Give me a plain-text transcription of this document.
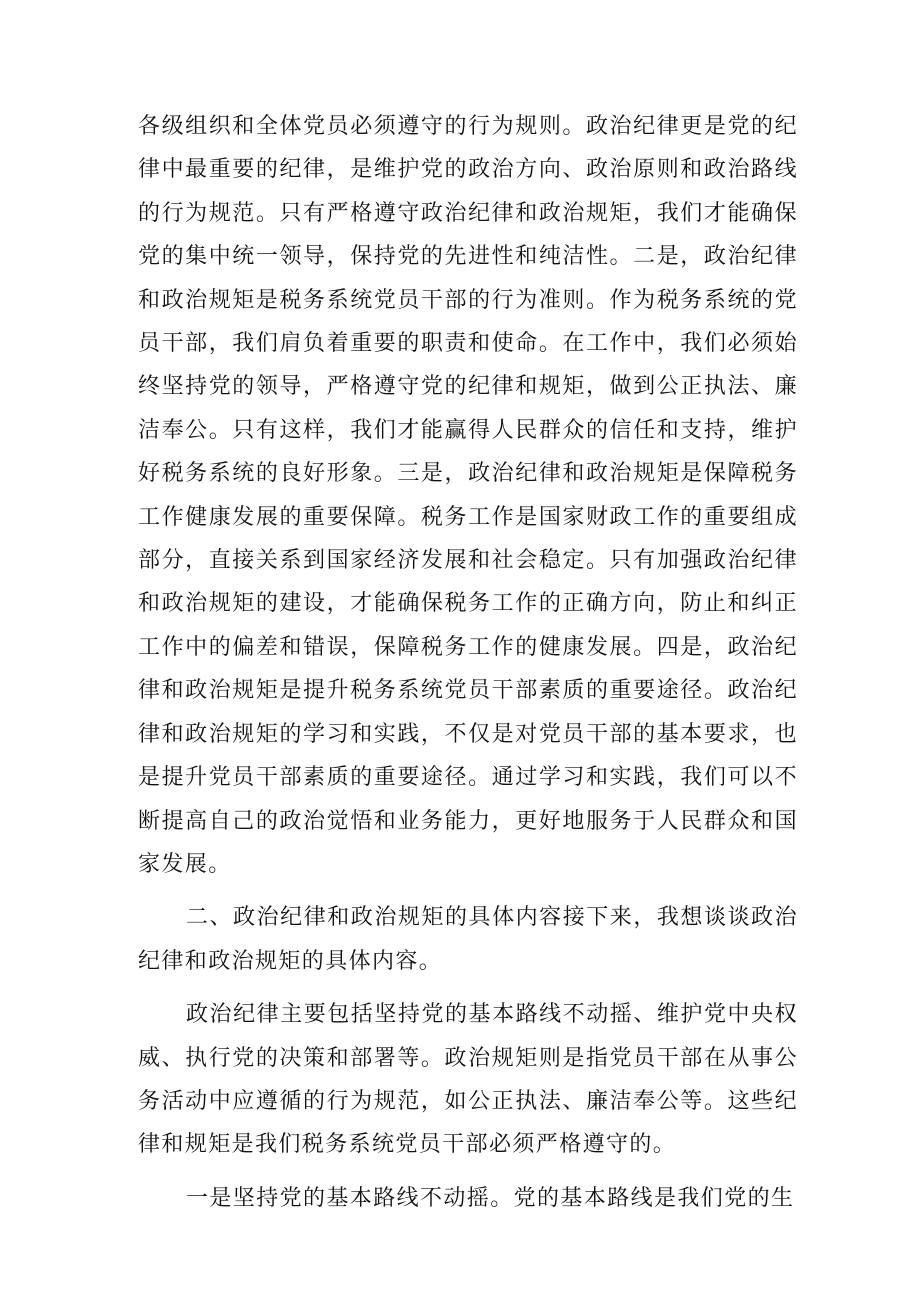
各级组织和全体党员必须遵守的行为规则。政治纪律更是党的纪律中最重要的纪律，是维护党的政治方向、政治原则和政治路线的行为规范。只有严格遵守政治纪律和政治规矩，我们才能确保党的集中统一领导，保持党的先进性和纯洁性。二是，政治纪律和政治规矩是税务系统党员干部的行为准则。作为税务系统的党员干部，我们肩负着重要的职责和使命。在工作中，我们必须始终坚持党的领导，严格遵守党的纪律和规矩，做到公正执法、廉洁奉公。只有这样，我们才能赢得人民群众的信任和支持，维护好税务系统的良好形象。三是，政治纪律和政治规矩是保障税务工作健康发展的重要保障。税务工作是国家财政工作的重要组成部分，直接关系到国家经济发展和社会稳定。只有加强政治纪律和政治规矩的建设，才能确保税务工作的正确方向，防止和纠正工作中的偏差和错误，保障税务工作的健康发展。四是，政治纪律和政治规矩是提升税务系统党员干部素质的重要途径。政治纪律和政治规矩的学习和实践，不仅是对党员干部的基本要求，也是提升党员干部素质的重要途径。通过学习和实践，我们可以不断提高自己的政治觉悟和业务能力，更好地服务于人民群众和国家发展。

二、政治纪律和政治规矩的具体内容接下来，我想谈谈政治纪律和政治规矩的具体内容。

政治纪律主要包括坚持党的基本路线不动摇、维护党中央权威、执行党的决策和部署等。政治规矩则是指党员干部在从事公务活动中应遵循的行为规范，如公正执法、廉洁奉公等。这些纪律和规矩是我们税务系统党员干部必须严格遵守的。

一是坚持党的基本路线不动摇。党的基本路线是我们党的生
